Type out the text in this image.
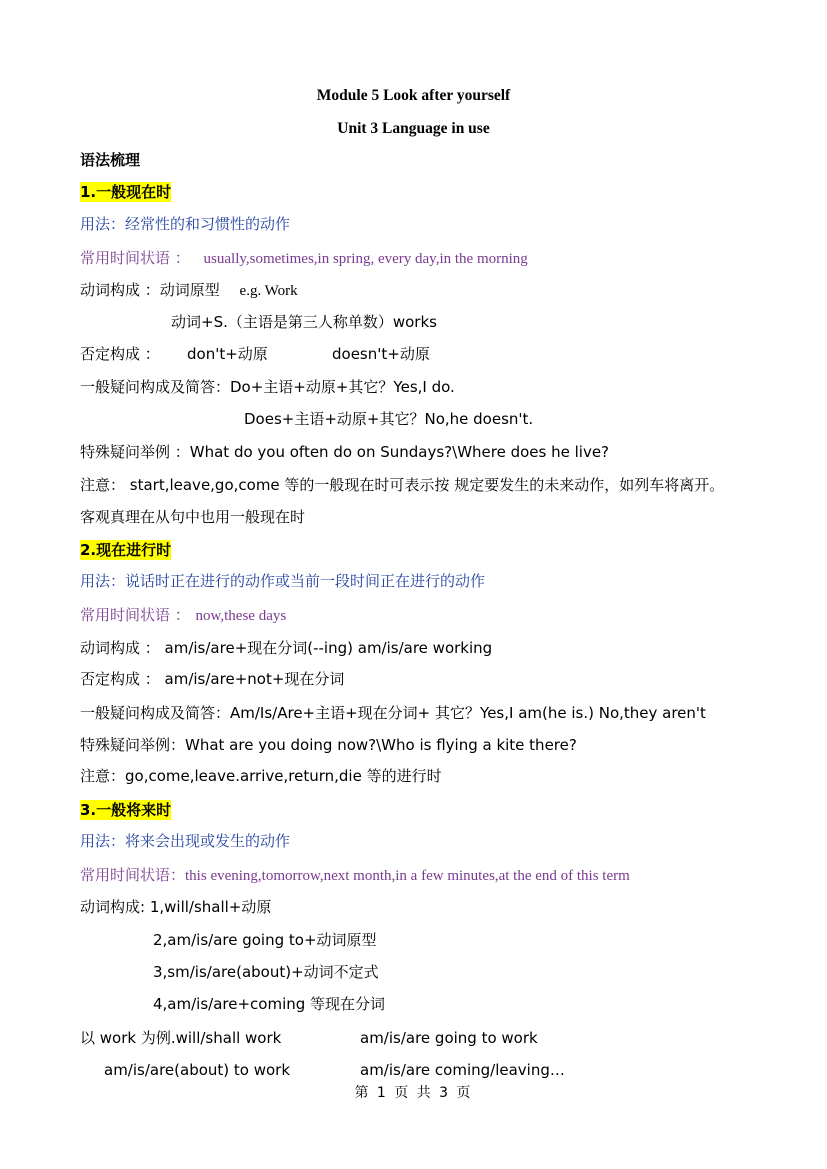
Module 5 Look after yourself
Unit 3 Language in use
语法梳理
1.一般现在时
用法：经常性的和习惯性的动作
常用时间状语 ： usually,sometimes,in spring, every day,in the morning
动词构成 ：动词原型 e.g. Work
动词+S.（主语是第三人称单数）works
否定构成 ： don't+动原	doesn't+动原
一般疑问构成及简答：Do+主语+动原+其它？Yes,I do.
Does+主语+动原+其它？No,he doesn't.
特殊疑问举例 ：What do you often do on Sundays?\Where does he live?
注意： start,leave,go,come 等的一般现在时可表示按 规定要发生的未来动作，如列车将离开。
客观真理在从句中也用一般现在时
2.现在进行时
用法：说话时正在进行的动作或当前一段时间正在进行的动作
常用时间状语 ： now,these days
动词构成 ： am/is/are+现在分词(--ing) am/is/are working
否定构成 ： am/is/are+not+现在分词
一般疑问构成及简答：Am/Is/Are+主语+现在分词+ 其它？Yes,I am(he is.) No,they aren't
特殊疑问举例：What are you doing now?\Who is flying a kite there?
注意：go,come,leave.arrive,return,die 等的进行时
3.一般将来时
用法：将来会出现或发生的动作
常用时间状语：this evening,tomorrow,next month,in a few minutes,at the end of this term
动词构成: 1,will/shall+动原
2,am/is/are going to+动词原型
3,sm/is/are(about)+动词不定式
4,am/is/are+coming 等现在分词
以 work 为例.will/shall work	am/is/are going to work
am/is/are(about) to work	am/is/are coming/leaving…
第 1 页 共 3 页
